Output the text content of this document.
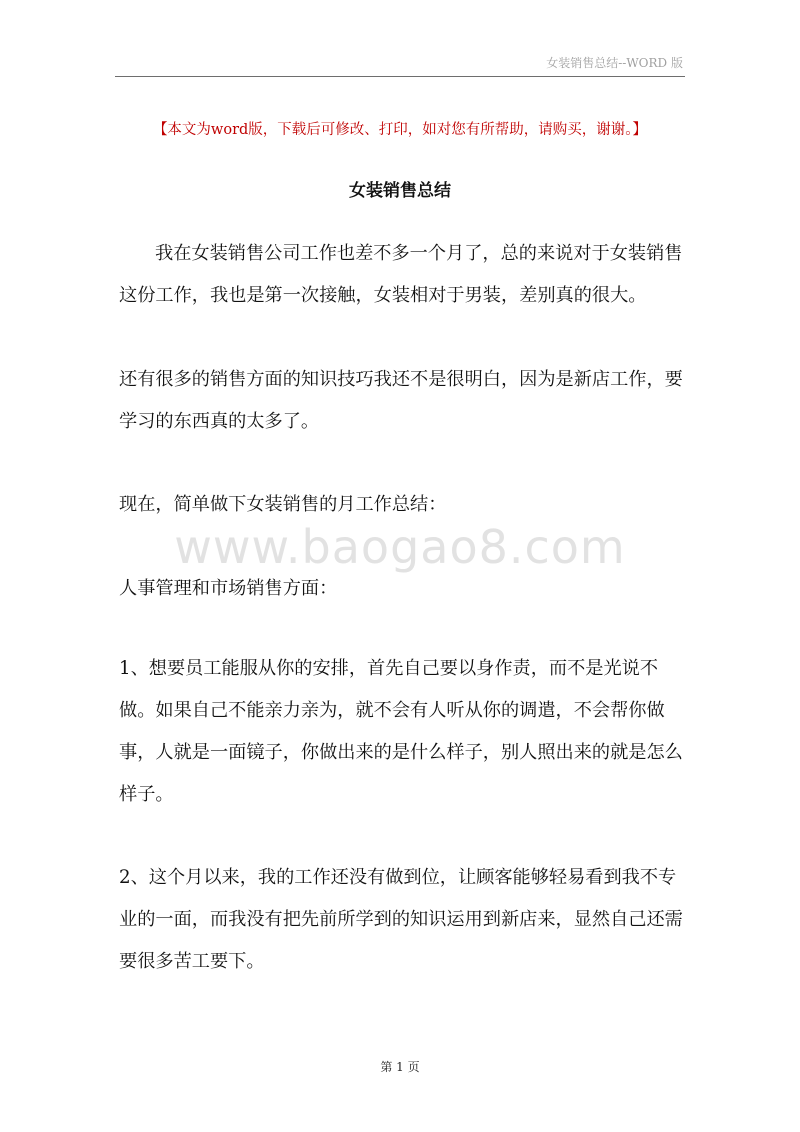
女装销售总结--WORD 版
【本文为word版，下载后可修改、打印，如对您有所帮助，请购买，谢谢。】
女装销售总结

我在女装销售公司工作也差不多一个月了，总的来说对于女装销售这份工作，我也是第一次接触，女装相对于男装，差别真的很大。

还有很多的销售方面的知识技巧我还不是很明白，因为是新店工作，要学习的东西真的太多了。

现在，简单做下女装销售的月工作总结：

www.baogao8.com

人事管理和市场销售方面：

1、想要员工能服从你的安排，首先自己要以身作责，而不是光说不做。如果自己不能亲力亲为，就不会有人听从你的调遣，不会帮你做事，人就是一面镜子，你做出来的是什么样子，别人照出来的就是怎么样子。

2、这个月以来，我的工作还没有做到位，让顾客能够轻易看到我不专业的一面，而我没有把先前所学到的知识运用到新店来，显然自己还需要很多苦工要下。

第 1 页
